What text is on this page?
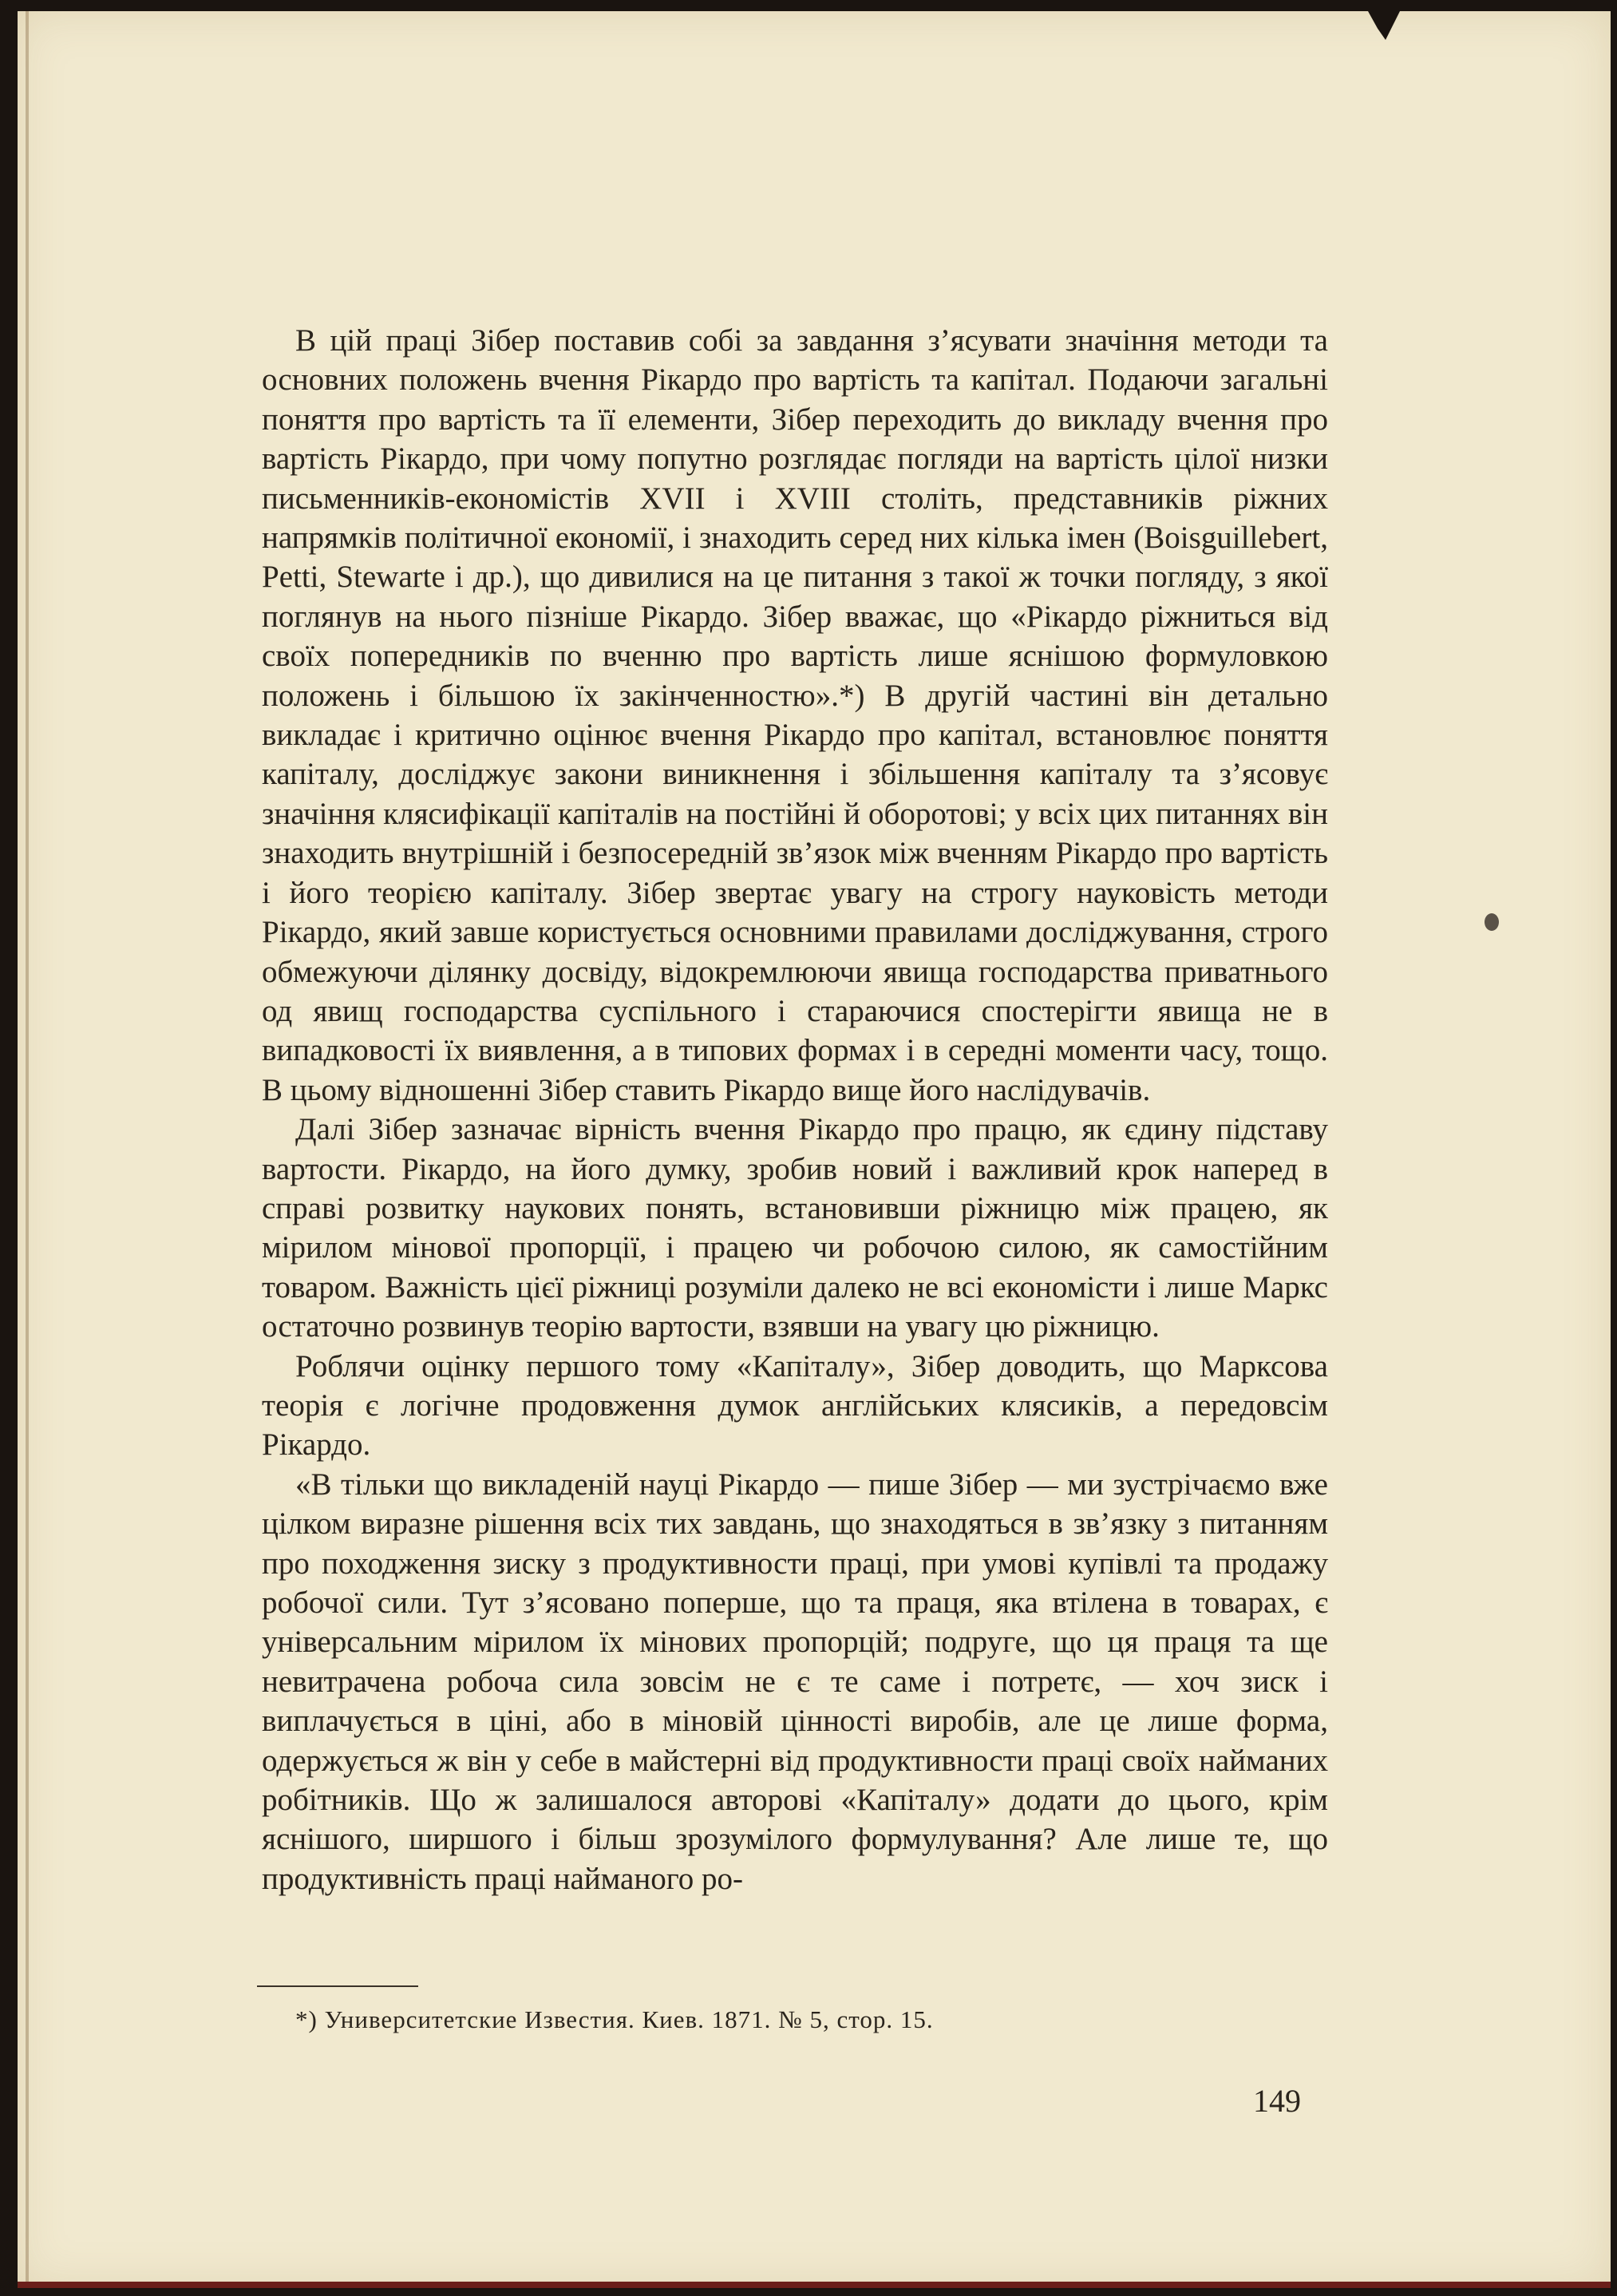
В цій праці Зібер поставив собі за завдання з’ясувати значіння методи та основних положень вчення Рікардо про вартість та капітал. Подаючи загальні поняття про вартість та її елементи, Зібер переходить до викладу вчення про вартість Рікардо, при чому попутно розглядає погляди на вартість цілої низки письменників-економістів XVII і XVIII століть, представників ріжних напрямків політичної економії, і знаходить серед них кілька імен (Boisguillebert, Petti, Stewarte і др.), що дивилися на це питання з такої ж точки погляду, з якої поглянув на нього пізніше Рікардо. Зібер вважає, що «Рікардо ріжниться від своїх попередників по вченню про вартість лише яснішою формуловкою положень і більшою їх закінченностю».*) В другій частині він детально викладає і критично оцінює вчення Рікардо про капітал, встановлює поняття капіталу, досліджує закони виникнення і збільшення капіталу та з’ясовує значіння клясифікації капіталів на постійні й оборотові; у всіх цих питаннях він знаходить внутрішній і безпосередній зв’язок між вченням Рікардо про вартість і його теорією капіталу. Зібер звертає увагу на строгу науковість методи Рікардо, який завше користується основними правилами досліджування, строго обмежуючи ділянку досвіду, відокремлюючи явища господарства приватнього од явищ господарства суспільного і стараючися спостерігти явища не в випадковості їх виявлення, а в типових формах і в середні моменти часу, тощо. В цьому відношенні Зібер ставить Рікардо вище його наслідувачів.

Далі Зібер зазначає вірність вчення Рікардо про працю, як єдину підставу вартости. Рікардо, на його думку, зробив новий і важливий крок наперед в справі розвитку наукових понять, встановивши ріжницю між працею, як мірилом мінової пропорції, і працею чи робочою силою, як самостійним товаром. Важність цієї ріжниці розуміли далеко не всі економісти і лише Маркс остаточно розвинув теорію вартости, взявши на увагу цю ріжницю.

Роблячи оцінку першого тому «Капіталу», Зібер доводить, що Марксова теорія є логічне продовження думок англійських клясиків, а передовсім Рікардо.

«В тільки що викладеній науці Рікардо — пише Зібер — ми зустрічаємо вже цілком виразне рішення всіх тих завдань, що знаходяться в зв’язку з питанням про походження зиску з продуктивности праці, при умові купівлі та продажу робочої сили. Тут з’ясовано поперше, що та праця, яка втілена в товарах, є універсальним мірилом їх мінових пропорцій; подруге, що ця праця та ще невитрачена робоча сила зовсім не є те саме і потретє, — хоч зиск і виплачується в ціні, або в міновій цінності виробів, але це лише форма, одержується ж він у себе в майстерні від продуктивности праці своїх найманих робітників. Що ж залишалося авторові «Капіталу» додати до цього, крім яснішого, ширшого і більш зрозумілого формулування? Але лише те, що продуктивність праці найманого ро-

*) Университетские Известия. Киев. 1871. № 5, стор. 15.
149
